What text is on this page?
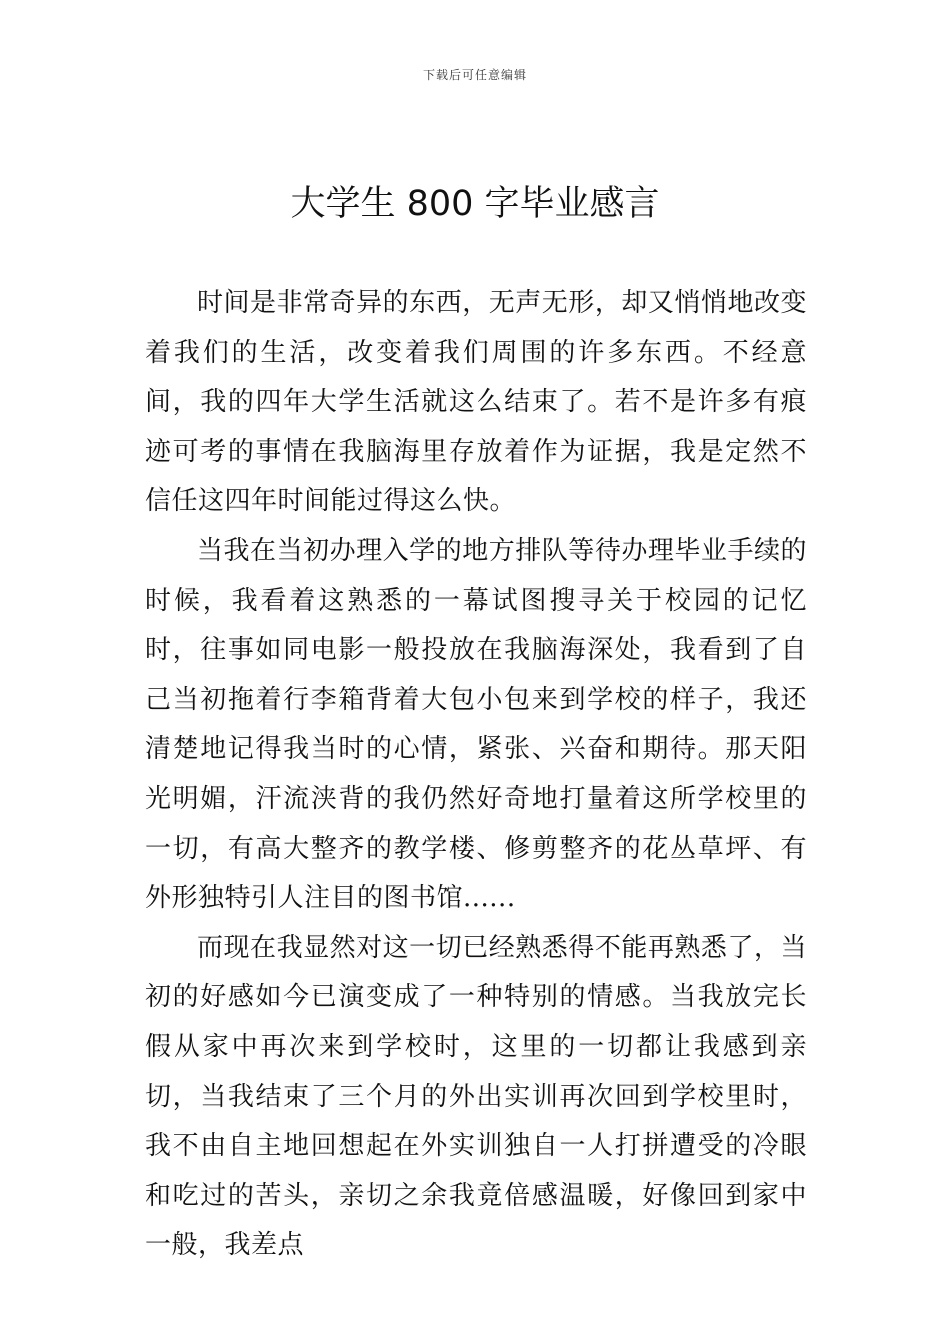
下载后可任意编辑
大学生 800 字毕业感言

时间是非常奇异的东西，无声无形，却又悄悄地改变着我们的生活，改变着我们周围的许多东西。不经意间，我的四年大学生活就这么结束了。若不是许多有痕迹可考的事情在我脑海里存放着作为证据，我是定然不信任这四年时间能过得这么快。

当我在当初办理入学的地方排队等待办理毕业手续的时候，我看着这熟悉的一幕试图搜寻关于校园的记忆时，往事如同电影一般投放在我脑海深处，我看到了自己当初拖着行李箱背着大包小包来到学校的样子，我还清楚地记得我当时的心情，紧张、兴奋和期待。那天阳光明媚，汗流浃背的我仍然好奇地打量着这所学校里的一切，有高大整齐的教学楼、修剪整齐的花丛草坪、有外形独特引人注目的图书馆......

而现在我显然对这一切已经熟悉得不能再熟悉了，当初的好感如今已演变成了一种特别的情感。当我放完长假从家中再次来到学校时，这里的一切都让我感到亲切，当我结束了三个月的外出实训再次回到学校里时，我不由自主地回想起在外实训独自一人打拼遭受的冷眼和吃过的苦头，亲切之余我竟倍感温暖，好像回到家中一般，我差点
